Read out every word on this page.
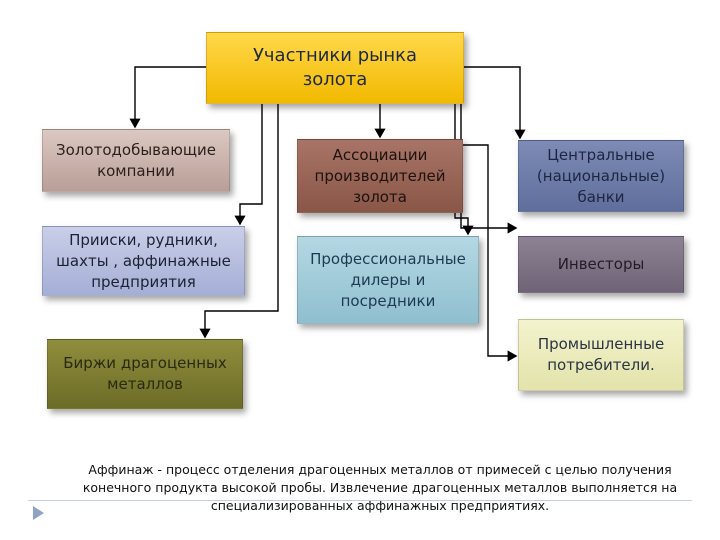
Участники рынка
золота
Золотодобывающие
компании
Прииски, рудники,
шахты , аффинажные
предприятия
Биржи драгоценных
металлов
Ассоциации
производителей
золота
Профессиональные
дилеры и
посредники
Центральные
(национальные)
банки
Инвесторы
Промышленные
потребители.
Аффинаж - процесс отделения драгоценных металлов от примесей с целью получения конечного продукта высокой пробы. Извлечение драгоценных металлов выполняется на специализированных аффинажных предприятиях.
